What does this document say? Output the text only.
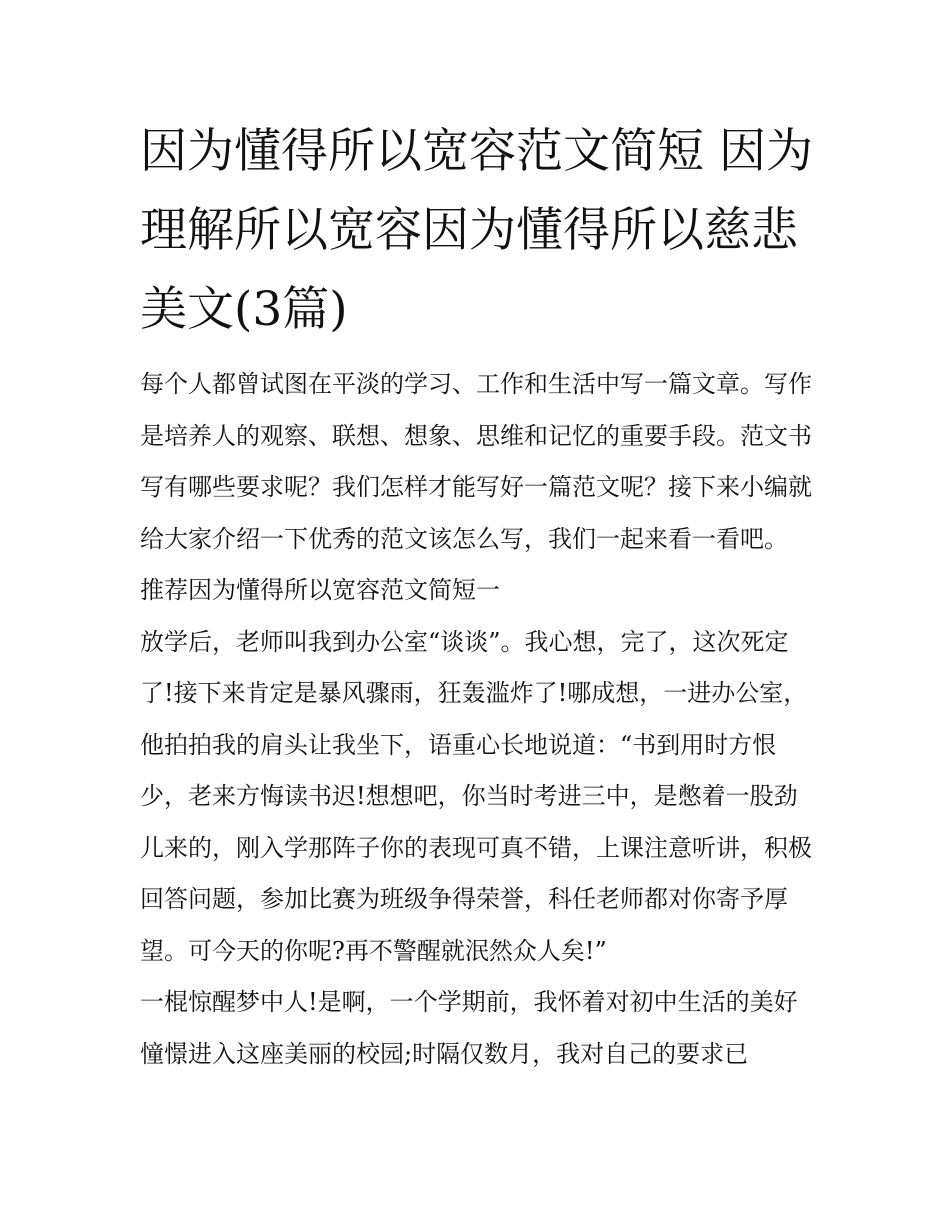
因为懂得所以宽容范文简短 因为理解所以宽容因为懂得所以慈悲美文(3篇)

每个人都曾试图在平淡的学习、工作和生活中写一篇文章。写作是培养人的观察、联想、想象、思维和记忆的重要手段。范文书写有哪些要求呢？我们怎样才能写好一篇范文呢？接下来小编就给大家介绍一下优秀的范文该怎么写，我们一起来看一看吧。

推荐因为懂得所以宽容范文简短一

放学后，老师叫我到办公室“谈谈”。我心想，完了，这次死定了!接下来肯定是暴风骤雨，狂轰滥炸了!哪成想，一进办公室，他拍拍我的肩头让我坐下，语重心长地说道：“书到用时方恨少，老来方悔读书迟!想想吧，你当时考进三中，是憋着一股劲儿来的，刚入学那阵子你的表现可真不错，上课注意听讲，积极回答问题，参加比赛为班级争得荣誉，科任老师都对你寄予厚望。可今天的你呢?再不警醒就泯然众人矣!”

一棍惊醒梦中人!是啊，一个学期前，我怀着对初中生活的美好憧憬进入这座美丽的校园;时隔仅数月，我对自己的要求已
